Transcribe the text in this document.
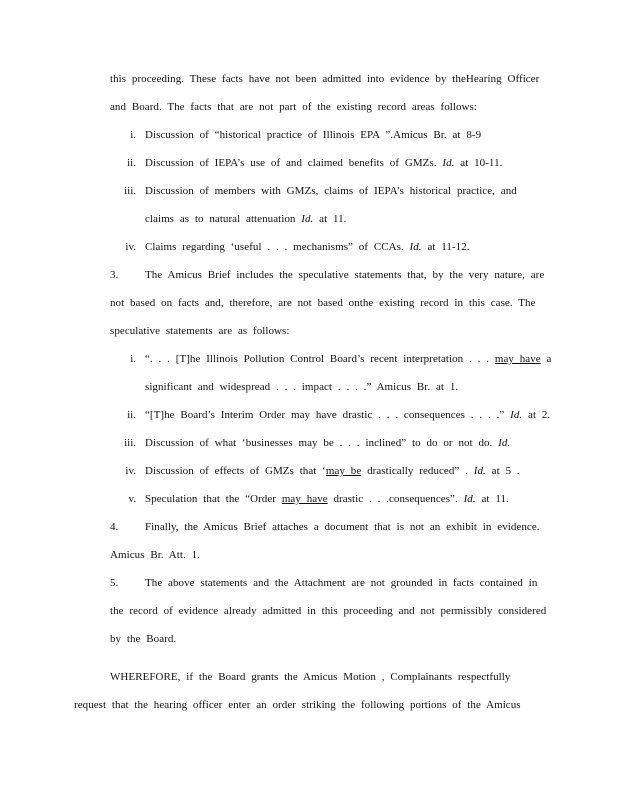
this proceeding. These facts have not been admitted into evidence by theHearing Officer
and Board. The facts that are not part of the existing record areas follows:
i. Discussion of “historical practice of Illinois EPA ”.Amicus Br. at 8-9
ii. Discussion of IEPA’s use of and claimed benefits of GMZs. Id. at 10-11.
iii. Discussion of members with GMZs, claims of IEPA’s historical practice, and
claims as to natural attenuation Id. at 11.
iv. Claims regarding ‘useful . . . mechanisms” of CCAs. Id. at 11-12.
3. The Amicus Brief includes the speculative statements that, by the very nature, are
not based on facts and, therefore, are not based onthe existing record in this case. The
speculative statements are as follows:
i. “. . . [T]he Illinois Pollution Control Board’s recent interpretation . . . may have a
significant and widespread . . . impact . . . .” Amicus Br. at 1.
ii. “[T]he Board’s Interim Order may have drastic . . . consequences . . . .” Id. at 2.
iii. Discussion of what ‘businesses may be . . . inclined” to do or not do. Id.
iv. Discussion of effects of GMZs that ‘may be drastically reduced” . Id. at 5 .
v. Speculation that the “Order may have drastic . . .consequences”. Id. at 11.
4. Finally, the Amicus Brief attaches a document that is not an exhibit in evidence.
Amicus Br. Att. 1.
5. The above statements and the Attachment are not grounded in facts contained in
the record of evidence already admitted in this proceeding and not permissibly considered
by the Board.
WHEREFORE, if the Board grants the Amicus Motion , Complainants respectfully
request that the hearing officer enter an order striking the following portions of the Amicus
